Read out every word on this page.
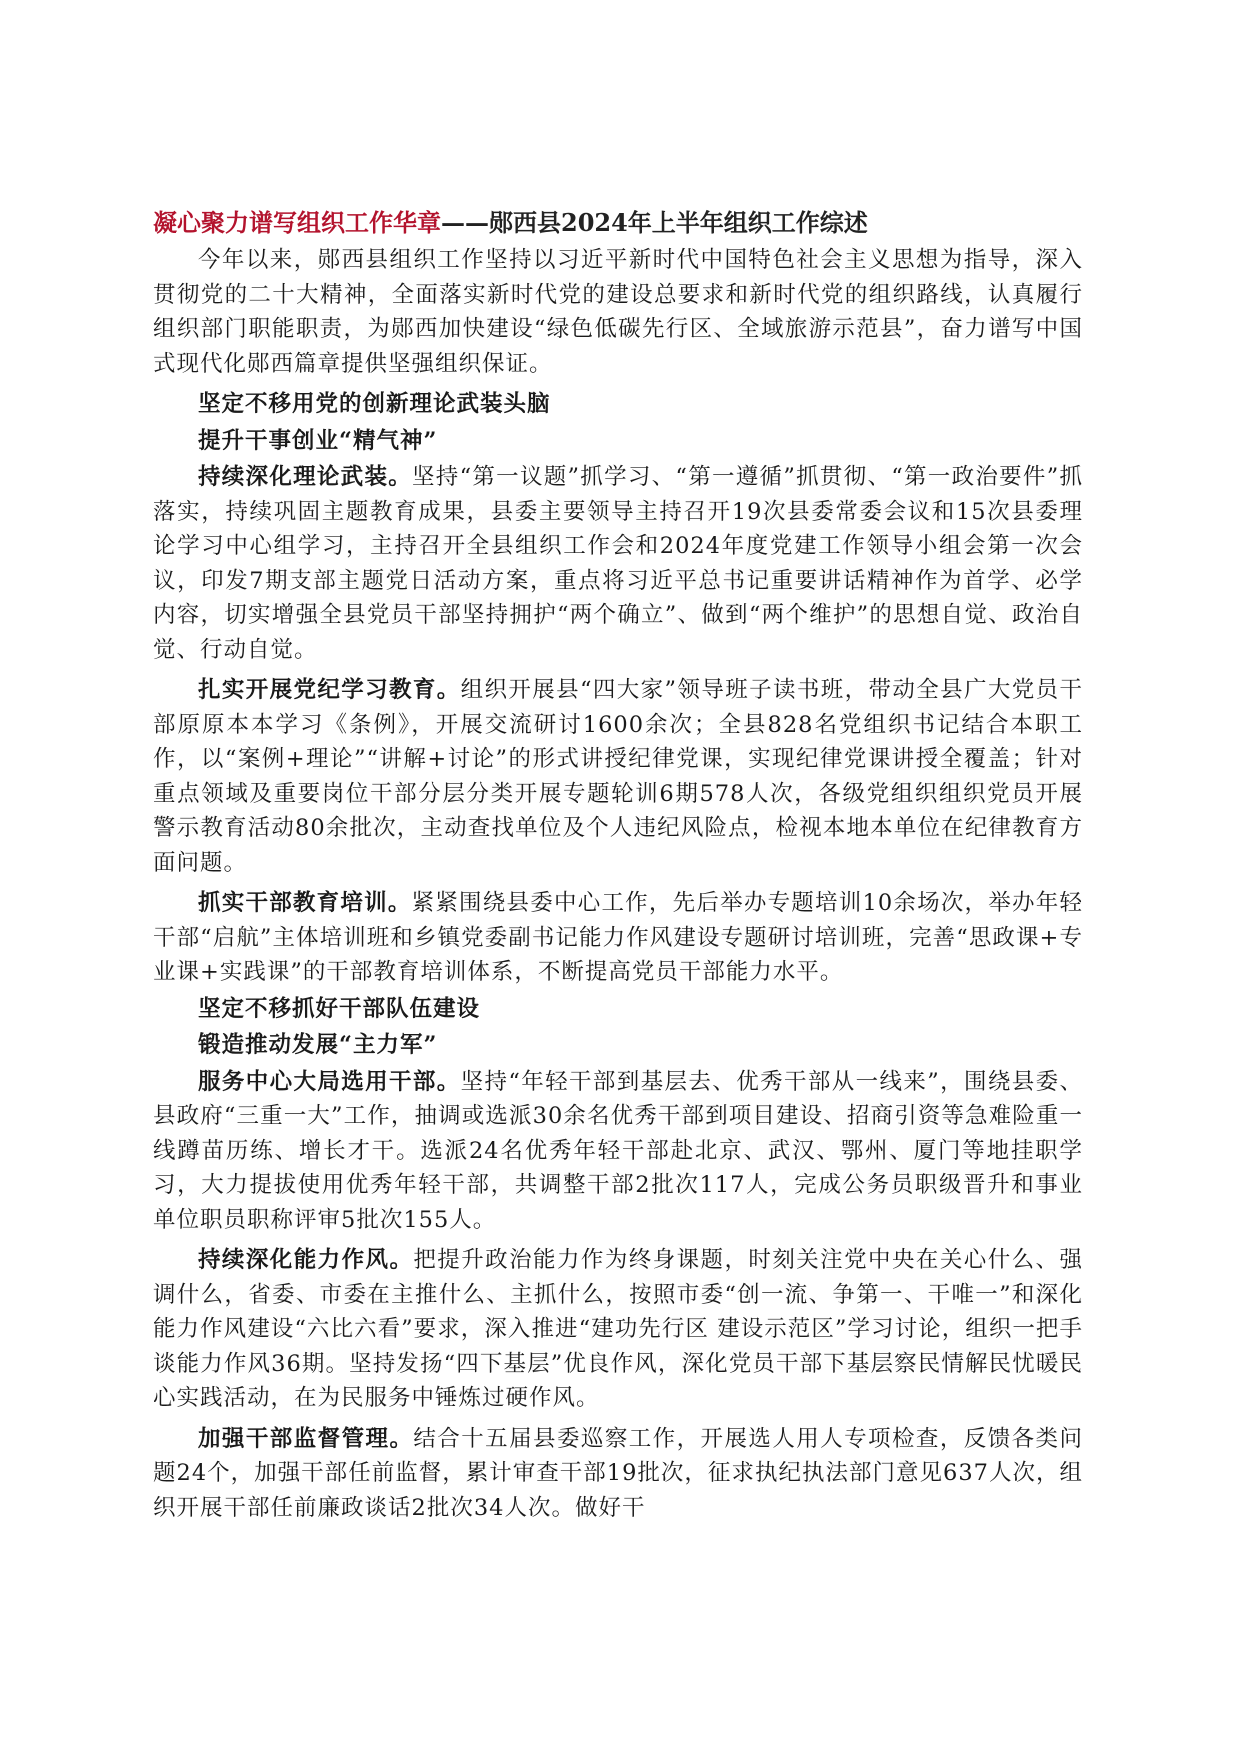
凝心聚力谱写组织工作华章——郧西县2024年上半年组织工作综述

今年以来，郧西县组织工作坚持以习近平新时代中国特色社会主义思想为指导，深入贯彻党的二十大精神，全面落实新时代党的建设总要求和新时代党的组织路线，认真履行组织部门职能职责，为郧西加快建设“绿色低碳先行区、全域旅游示范县”，奋力谱写中国式现代化郧西篇章提供坚强组织保证。

坚定不移用党的创新理论武装头脑
提升干事创业“精气神”

持续深化理论武装。坚持“第一议题”抓学习、“第一遵循”抓贯彻、“第一政治要件”抓落实，持续巩固主题教育成果，县委主要领导主持召开19次县委常委会议和15次县委理论学习中心组学习，主持召开全县组织工作会和2024年度党建工作领导小组会第一次会议，印发7期支部主题党日活动方案，重点将习近平总书记重要讲话精神作为首学、必学内容，切实增强全县党员干部坚持拥护“两个确立”、做到“两个维护”的思想自觉、政治自觉、行动自觉。

扎实开展党纪学习教育。组织开展县“四大家”领导班子读书班，带动全县广大党员干部原原本本学习《条例》，开展交流研讨1600余次；全县828名党组织书记结合本职工作，以“案例+理论”“讲解+讨论”的形式讲授纪律党课，实现纪律党课讲授全覆盖；针对重点领域及重要岗位干部分层分类开展专题轮训6期578人次，各级党组织组织党员开展警示教育活动80余批次，主动查找单位及个人违纪风险点，检视本地本单位在纪律教育方面问题。

抓实干部教育培训。紧紧围绕县委中心工作，先后举办专题培训10余场次，举办年轻干部“启航”主体培训班和乡镇党委副书记能力作风建设专题研讨培训班，完善“思政课+专业课+实践课”的干部教育培训体系，不断提高党员干部能力水平。

坚定不移抓好干部队伍建设
锻造推动发展“主力军”

服务中心大局选用干部。坚持“年轻干部到基层去、优秀干部从一线来”，围绕县委、县政府“三重一大”工作，抽调或选派30余名优秀干部到项目建设、招商引资等急难险重一线蹲苗历练、增长才干。选派24名优秀年轻干部赴北京、武汉、鄂州、厦门等地挂职学习，大力提拔使用优秀年轻干部，共调整干部2批次117人，完成公务员职级晋升和事业单位职员职称评审5批次155人。

持续深化能力作风。把提升政治能力作为终身课题，时刻关注党中央在关心什么、强调什么，省委、市委在主推什么、主抓什么，按照市委“创一流、争第一、干唯一”和深化能力作风建设“六比六看”要求，深入推进“建功先行区 建设示范区”学习讨论，组织一把手谈能力作风36期。坚持发扬“四下基层”优良作风，深化党员干部下基层察民情解民忧暖民心实践活动，在为民服务中锤炼过硬作风。

加强干部监督管理。结合十五届县委巡察工作，开展选人用人专项检查，反馈各类问题24个，加强干部任前监督，累计审查干部19批次，征求执纪执法部门意见637人次，组织开展干部任前廉政谈话2批次34人次。做好干
